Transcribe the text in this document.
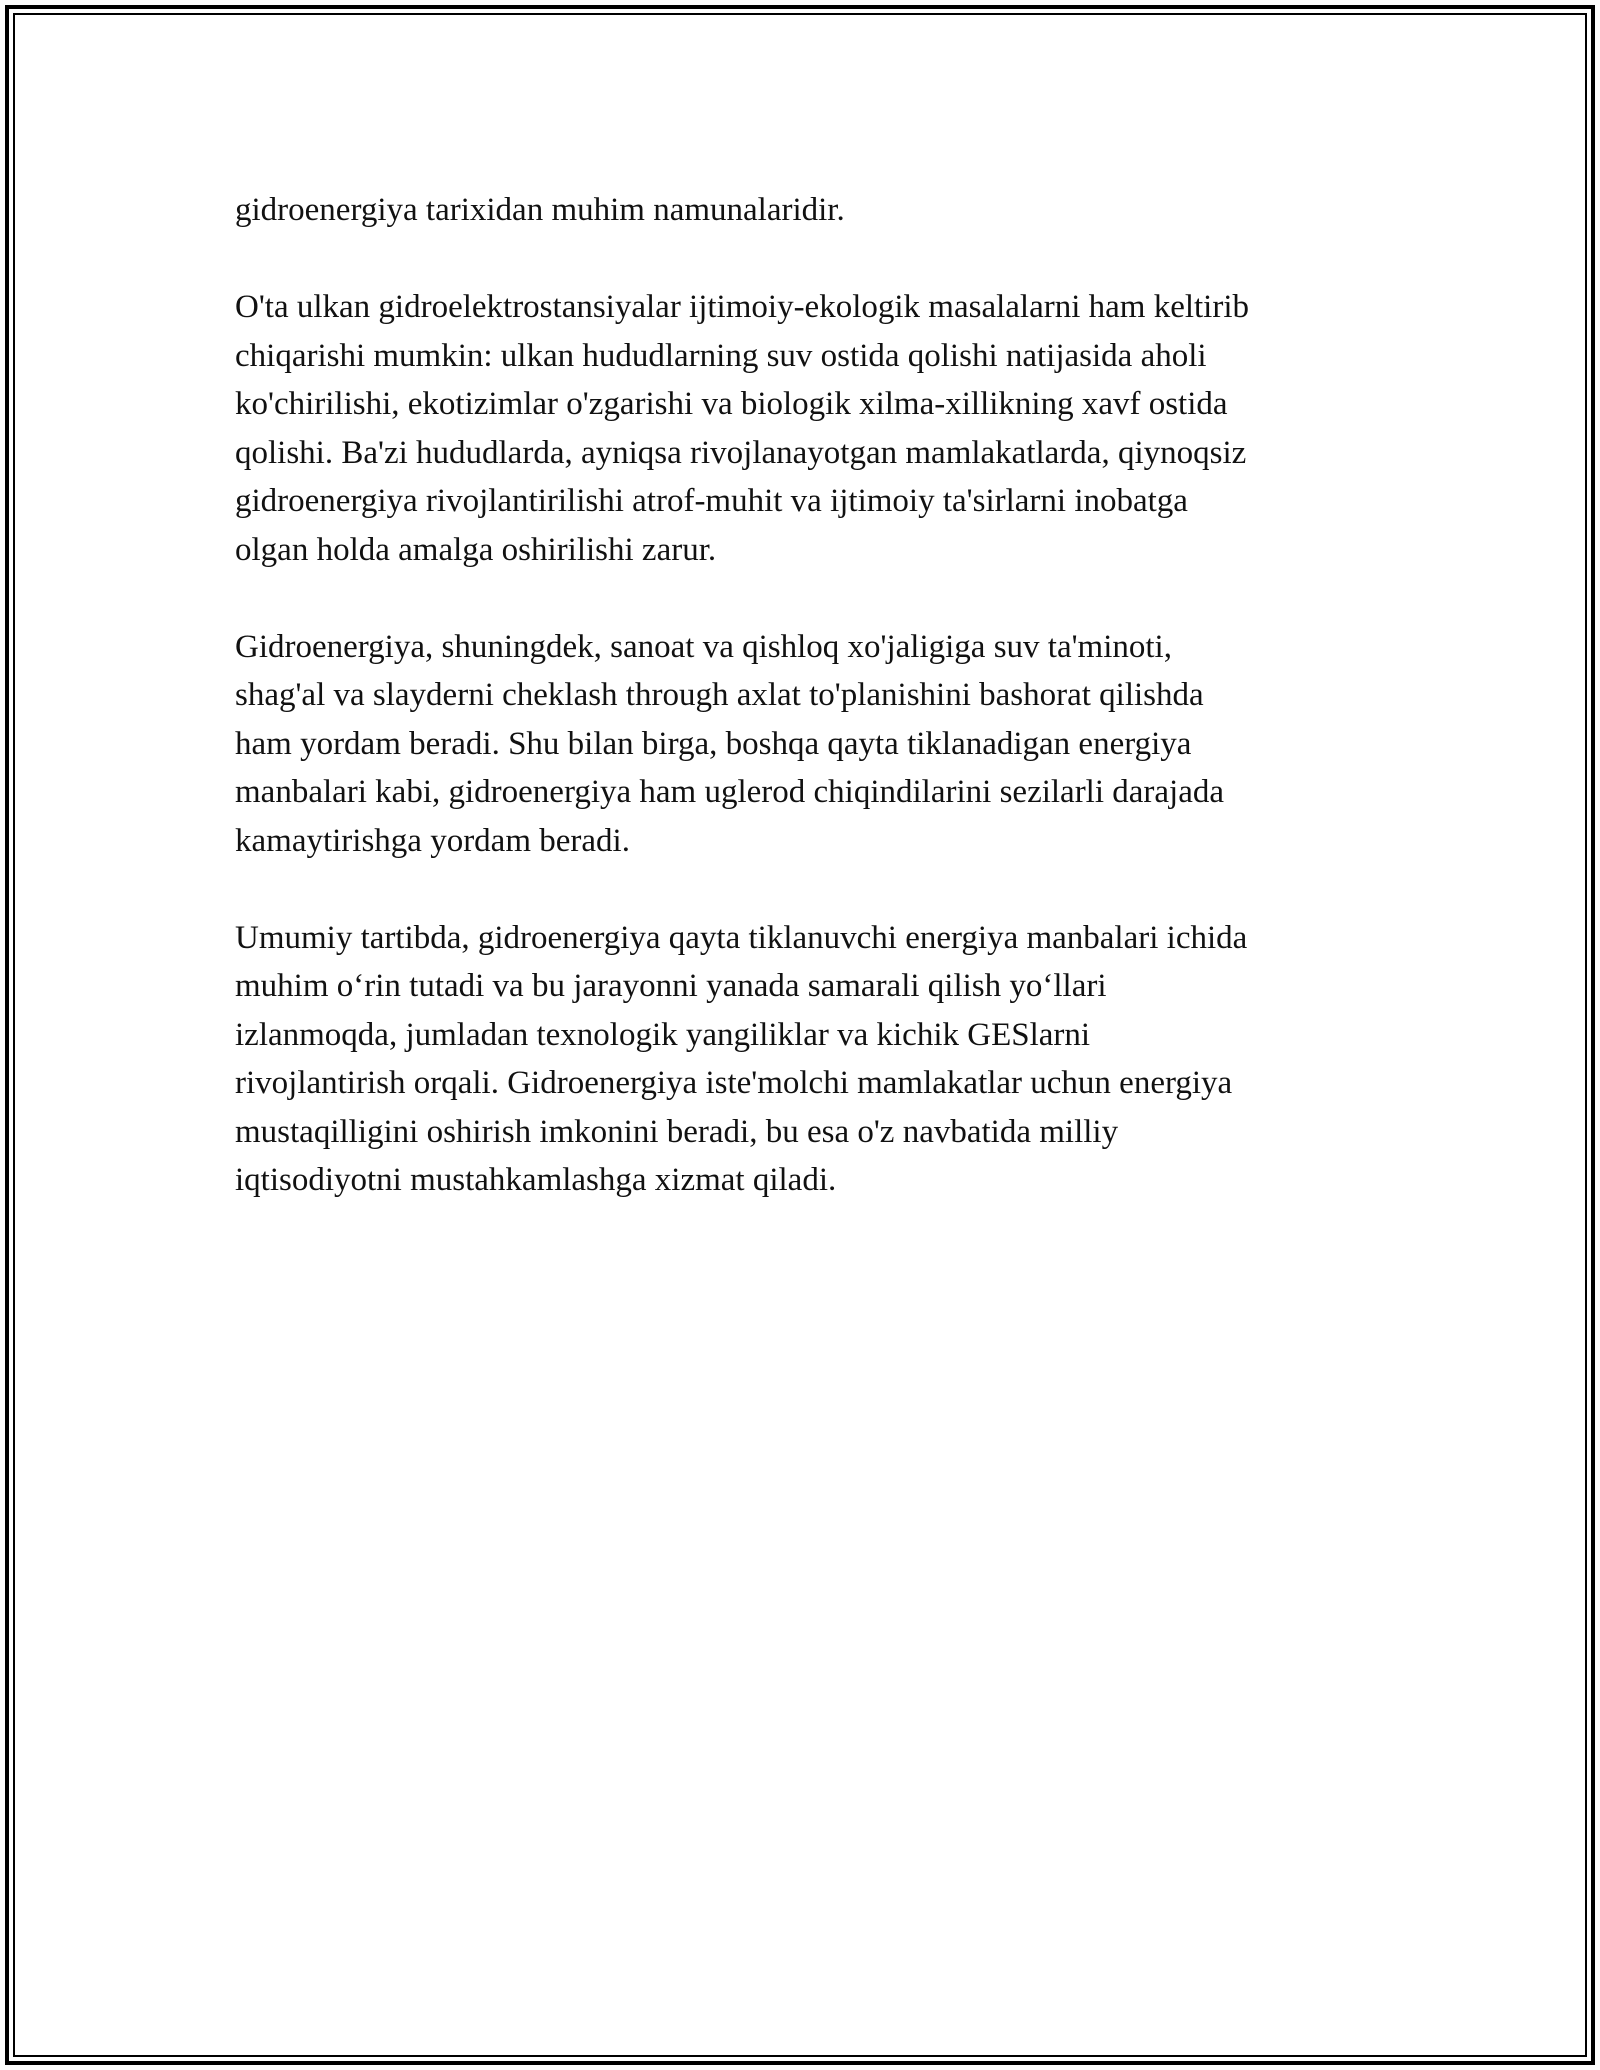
gidroenergiya tarixidan muhim namunalaridir.

O'ta ulkan gidroelektrostansiyalar ijtimoiy-ekologik masalalarni ham keltirib
chiqarishi mumkin: ulkan hududlarning suv ostida qolishi natijasida aholi
ko'chirilishi, ekotizimlar o'zgarishi va biologik xilma-xillikning xavf ostida
qolishi. Ba'zi hududlarda, ayniqsa rivojlanayotgan mamlakatlarda, qiynoqsiz
gidroenergiya rivojlantirilishi atrof-muhit va ijtimoiy ta'sirlarni inobatga
olgan holda amalga oshirilishi zarur.

Gidroenergiya, shuningdek, sanoat va qishloq xo'jaligiga suv ta'minoti,
shag'al va slayderni cheklash through axlat to'planishini bashorat qilishda
ham yordam beradi. Shu bilan birga, boshqa qayta tiklanadigan energiya
manbalari kabi, gidroenergiya ham uglerod chiqindilarini sezilarli darajada
kamaytirishga yordam beradi.

Umumiy tartibda, gidroenergiya qayta tiklanuvchi energiya manbalari ichida
muhim o‘rin tutadi va bu jarayonni yanada samarali qilish yo‘llari
izlanmoqda, jumladan texnologik yangiliklar va kichik GESlarni
rivojlantirish orqali. Gidroenergiya iste'molchi mamlakatlar uchun energiya
mustaqilligini oshirish imkonini beradi, bu esa o'z navbatida milliy
iqtisodiyotni mustahkamlashga xizmat qiladi.
